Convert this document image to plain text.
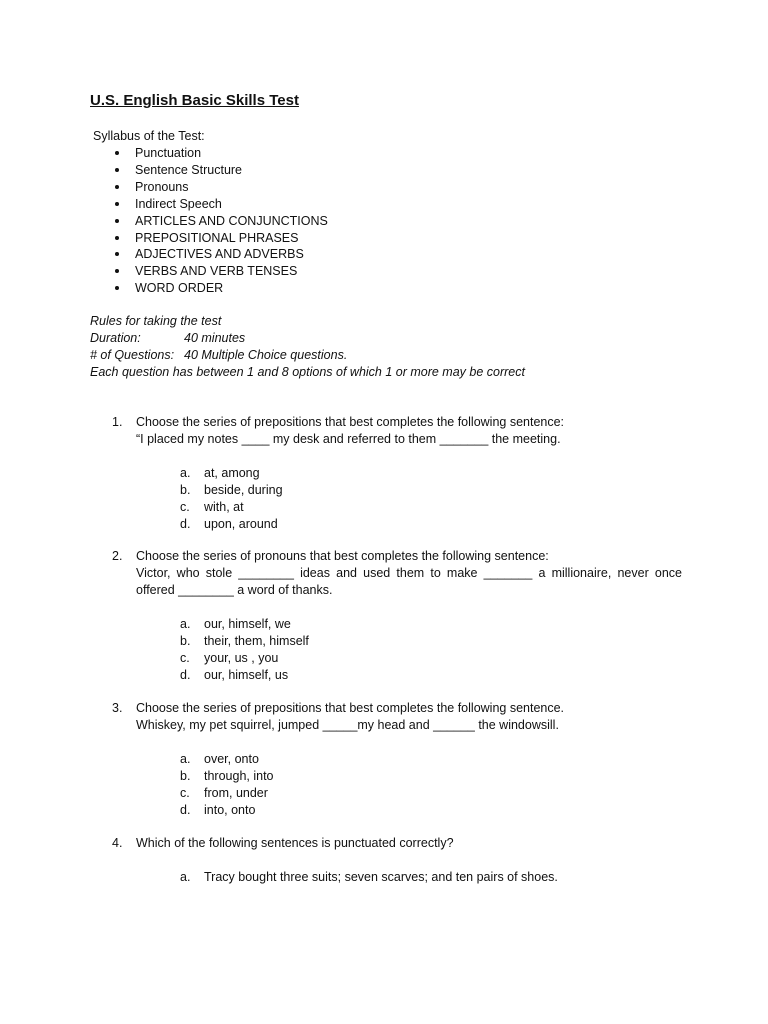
U.S. English Basic Skills Test
Syllabus of the Test:
Punctuation
Sentence Structure
Pronouns
Indirect Speech
ARTICLES AND CONJUNCTIONS
PREPOSITIONAL PHRASES
ADJECTIVES AND ADVERBS
VERBS AND VERB TENSES
WORD ORDER
Rules for taking the test
Duration:	40 minutes
# of Questions: 40 Multiple Choice questions.
Each question has between 1 and 8 options of which 1 or more may be correct
1. Choose the series of prepositions that best completes the following sentence:
“I placed my notes ____ my desk and referred to them _______ the meeting.
a. at, among
b. beside, during
c. with, at
d. upon, around
2. Choose the series of pronouns that best completes the following sentence:
Victor, who stole ________ ideas and used them to make _______ a millionaire, never once offered ________ a word of thanks.
a. our, himself, we
b. their, them, himself
c. your, us , you
d. our, himself, us
3. Choose the series of prepositions that best completes the following sentence.
Whiskey, my pet squirrel, jumped _____my head and ______ the windowsill.
a. over, onto
b. through, into
c. from, under
d. into, onto
4. Which of the following sentences is punctuated correctly?
a. Tracy bought three suits; seven scarves; and ten pairs of shoes.
